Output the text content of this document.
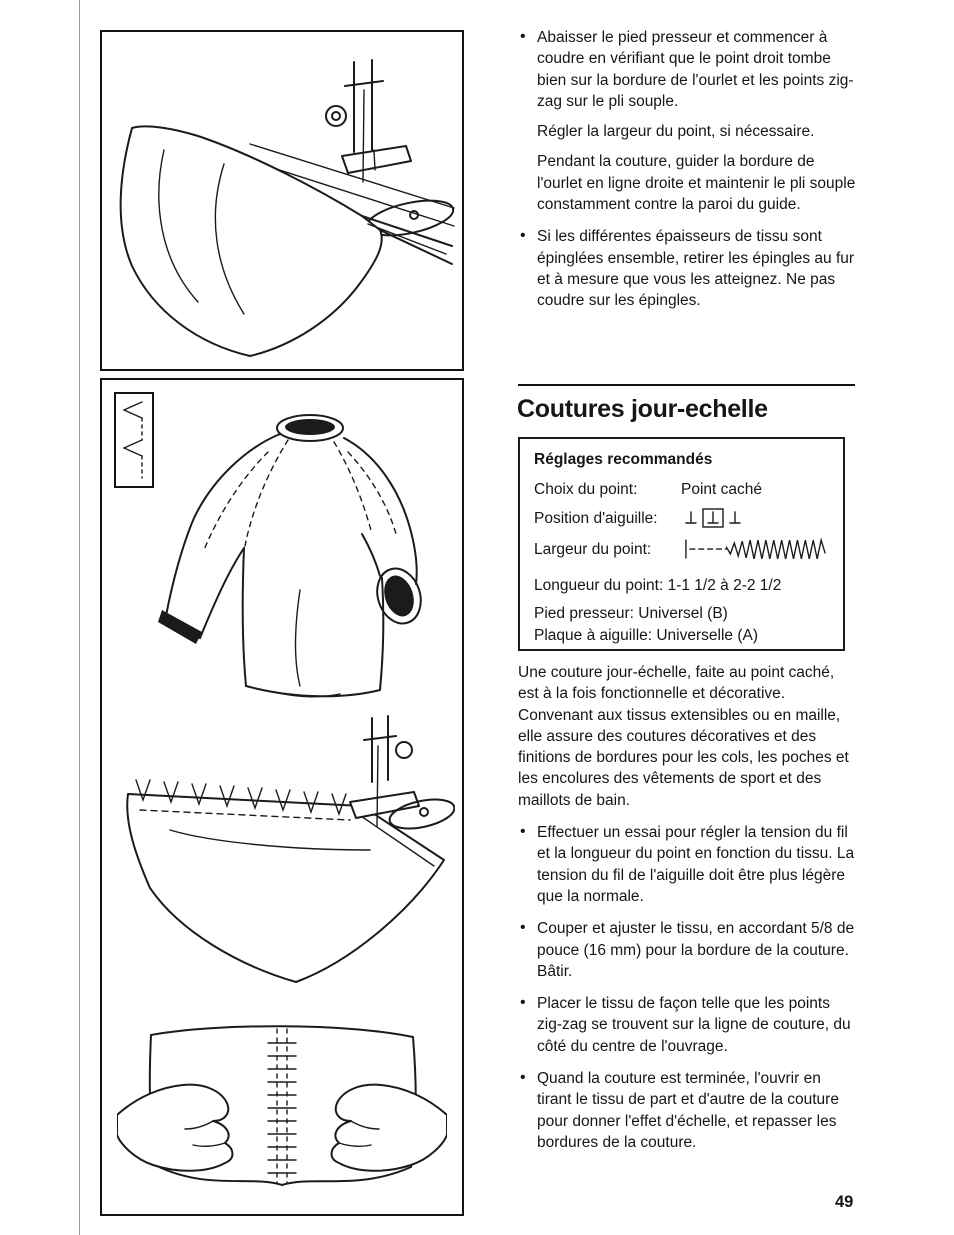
• Abaisser le pied presseur et commencer à coudre en vérifiant que le point droit tombe bien sur la bordure de l'ourlet et les points zig-zag sur le pli souple.
Régler la largeur du point, si nécessaire.
Pendant la couture, guider la bordure de l'ourlet en ligne droite et maintenir le pli souple constamment contre la paroi du guide.
• Si les différentes épaisseurs de tissu sont épinglées ensemble, retirer les épingles au fur et à mesure que vous les atteignez. Ne pas coudre sur les épingles.
Coutures jour-echelle
Réglages recommandés
Choix du point:	Point caché
Position d'aiguille:
Largeur du point:
Longueur du point: 1-1 1/2 à 2-2 1/2
Pied presseur: Universel (B)
Plaque à aiguille: Universelle (A)

Une couture jour-échelle, faite au point caché, est à la fois fonctionnelle et décorative. Convenant aux tissus extensibles ou en maille, elle assure des coutures décoratives et des finitions de bordures pour les cols, les poches et les encolures des vêtements de sport et des maillots de bain.

• Effectuer un essai pour régler la tension du fil et la longueur du point en fonction du tissu. La tension du fil de l'aiguille doit être plus légère que la normale.
• Couper et ajuster le tissu, en accordant 5/8 de pouce (16 mm) pour la bordure de la couture. Bâtir.
• Placer le tissu de façon telle que les points zig-zag se trouvent sur la ligne de couture, du côté du centre de l'ouvrage.
• Quand la couture est terminée, l'ouvrir en tirant le tissu de part et d'autre de la couture pour donner l'effet d'échelle, et repasser les bordures de la couture.
49
